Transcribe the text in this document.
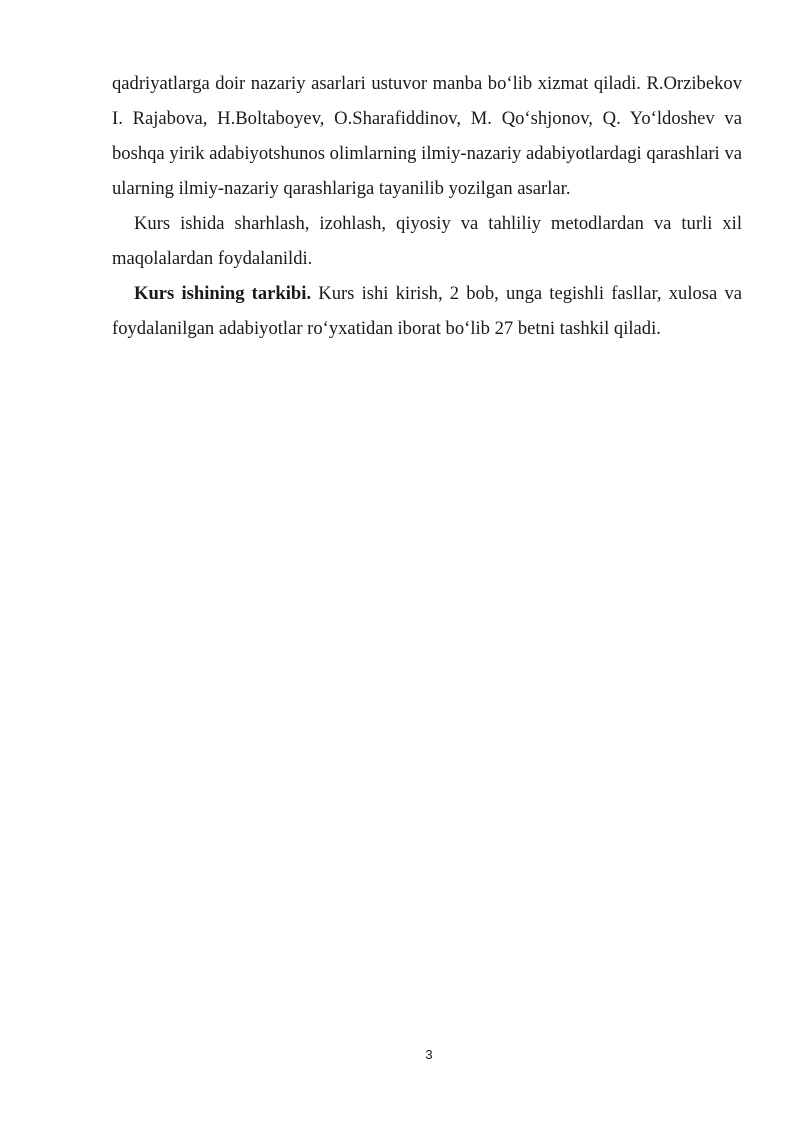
qadriyatlarga doir nazariy asarlari ustuvor manba bo‘lib xizmat qiladi. R.Orzibekov I. Rajabova, H.Boltaboyev, O.Sharafiddinov, M. Qo‘shjonov, Q. Yo‘ldoshev va boshqa yirik adabiyotshunos olimlarning ilmiy-nazariy adabiyotlardagi qarashlari va ularning ilmiy-nazariy qarashlariga tayanilib yozilgan asarlar.

Kurs ishida sharhlash, izohlash, qiyosiy va tahliliy metodlardan va turli xil maqolalardan foydalanildi.

Kurs ishining tarkibi. Kurs ishi kirish, 2 bob, unga tegishli fasllar, xulosa va foydalanilgan adabiyotlar ro‘yxatidan iborat bo‘lib 27 betni tashkil qiladi.

3
